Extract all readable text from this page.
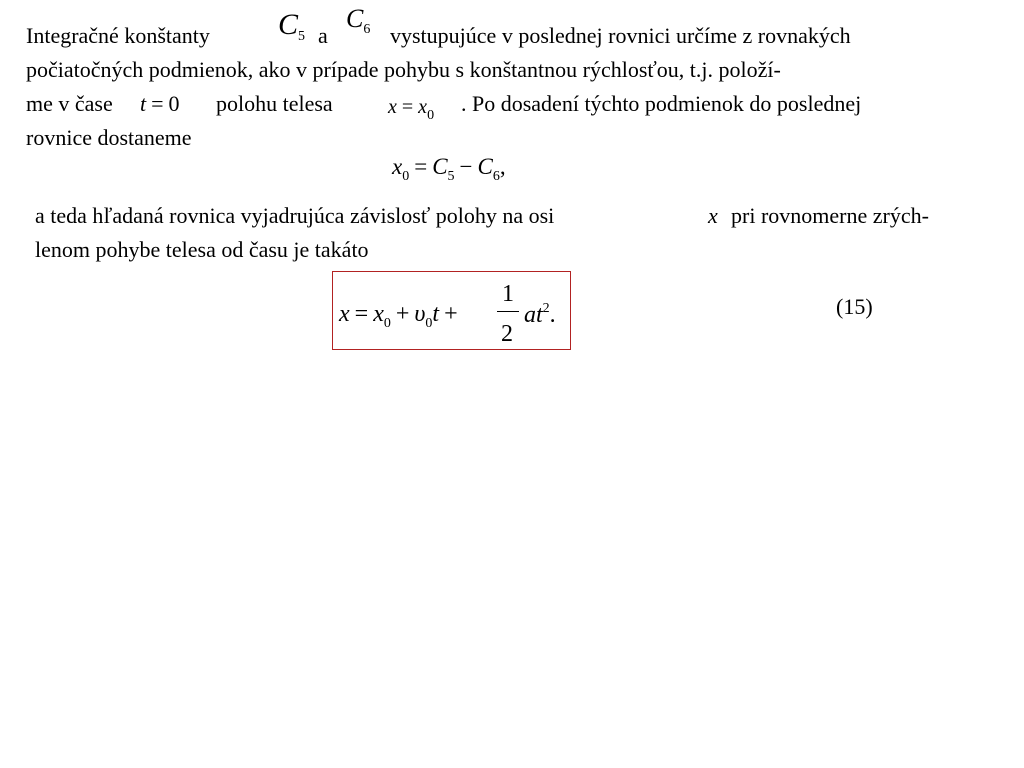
Integračné konštanty $C_5$ a
$C_6$ vystupujúce v poslednej rovnici určíme z rovnakých
počiatočných podmienok, ako v prípade pohybu s konštantnou rýchlosťou, t.j. položí-
me v čase t = 0 polohu telesa	$x = x_0$ . Po dosadení týchto podmienok do poslednej
rovnice dostaneme
$x_0 = C_5 - C_6$,
a teda hľadaná rovnica vyjadrujúca závislosť polohy na osi	x pri rovnomerne zrých-
lenom pohybe telesa od času je takáto
$x = x_0 + \upsilon_0t$ +
1
2
$at^2$.	(15)
